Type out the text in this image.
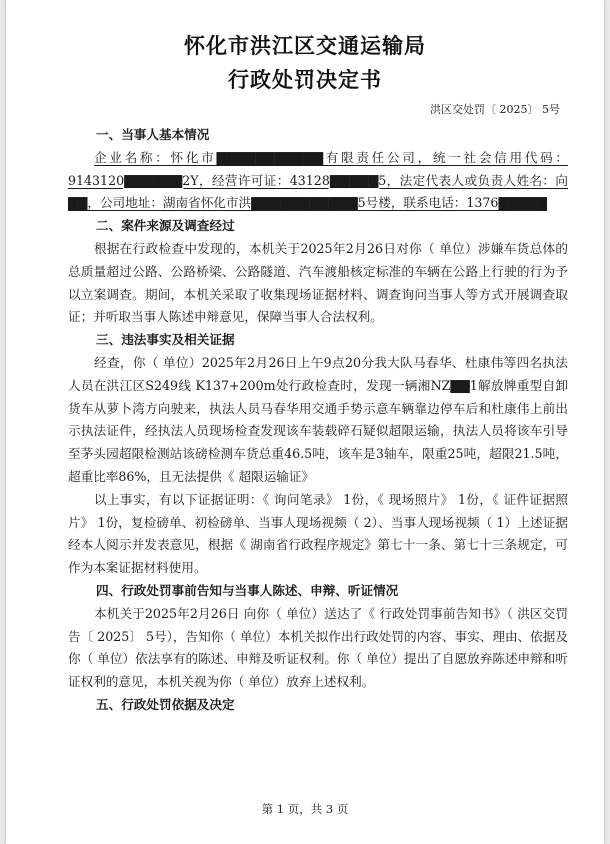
怀化市洪江区交通运输局
行政处罚决定书
洪区交处罚〔 2025〕 5号
一、当事人基本情况

企业名称：怀化市▇▇▇▇▇▇▇▇▇▇▇有限责任公司，统一社会信用代码：9143120▇▇▇▇▇▇2Y，经营许可证：43128▇▇▇▇▇5，法定代表人或负责人姓名：向▇▇，公司地址：湖南省怀化市洪▇▇▇▇▇▇▇▇▇▇▇5号楼，联系电话：1376▇▇▇▇▇

二、案件来源及调查经过

根据在行政检查中发现的，本机关于2025年2月26日对你（ 单位）涉嫌车货总体的总质量超过公路、公路桥梁、公路隧道、汽车渡船核定标准的车辆在公路上行驶的行为予以立案调查。期间，本机关采取了收集现场证据材料、调查询问当事人等方式开展调查取证；并听取当事人陈述申辩意见，保障当事人合法权利。

三、违法事实及相关证据

经查，你（ 单位）2025年2月26日上午9点20分我大队马春华、杜康伟等四名执法人员在洪江区S249线 K137+200m处行政检查时，发现一辆湘NZ▇▇1解放牌重型自卸货车从萝卜湾方向驶来，执法人员马春华用交通手势示意车辆靠边停车后和杜康伟上前出示执法证件，经执法人员现场检查发现该车装载碎石疑似超限运输，执法人员将该车引导至茅头园超限检测站该磅检测车货总重46.5吨，该车是3轴车，限重25吨，超限21.5吨，超重比率86%，且无法提供《 超限运输证》

以上事实，有以下证据证明：《 询问笔录》 1份，《 现场照片》 1份，《 证件证据照片》 1份，复检磅单、初检磅单、当事人现场视频（ 2）、当事人现场视频（ 1）上述证据经本人阅示并发表意见，根据《 湖南省行政程序规定》第七十一条、第七十三条规定，可作为本案证据材料使用。

四、行政处罚事前告知与当事人陈述、申辩、听证情况

本机关于2025年2月26日 向你（ 单位）送达了《 行政处罚事前告知书》（ 洪区交罚告〔 2025〕 5号），告知你（ 单位）本机关拟作出行政处罚的内容、事实、理由、依据及你（ 单位）依法享有的陈述、申辩及听证权利。你（ 单位）提出了自愿放弃陈述申辩和听证权利的意见，本机关视为你（ 单位）放弃上述权利。

五、行政处罚依据及决定
第 1 页，共 3 页
